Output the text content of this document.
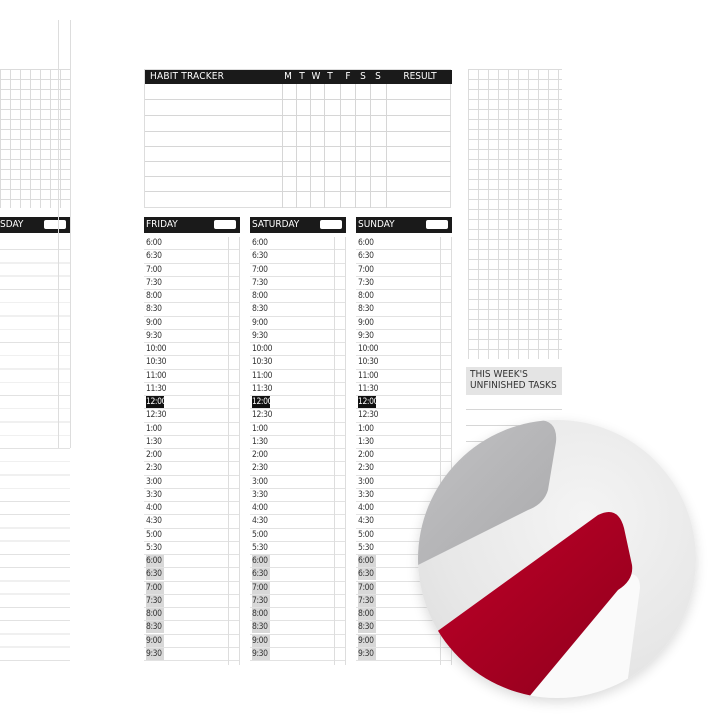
SDAY
HABIT TRACKER	M T W T F S S	RESULT
FRIDAY
6:00
6:30
7:00
7:30
8:00
8:30
9:00
9:30
10:00
10:30
11:00
11:30
12:00
12:30
1:00
1:30
2:00
2:30
3:00
3:30
4:00
4:30
5:00
5:30
6:00
6:30
7:00
7:30
8:00
8:30
9:00
9:30
SATURDAY
6:00
6:30
7:00
7:30
8:00
8:30
9:00
9:30
10:00
10:30
11:00
11:30
12:00
12:30
1:00
1:30
2:00
2:30
3:00
3:30
4:00
4:30
5:00
5:30
6:00
6:30
7:00
7:30
8:00
8:30
9:00
9:30
SUNDAY
6:00
6:30
7:00
7:30
8:00
8:30
9:00
9:30
10:00
10:30
11:00
11:30
12:00
12:30
1:00
1:30
2:00
2:30
3:00
3:30
4:00
4:30
5:00
5:30
6:00
6:30
7:00
7:30
8:00
8:30
9:00
9:30
THIS WEEK'S
UNFINISHED TASKS
